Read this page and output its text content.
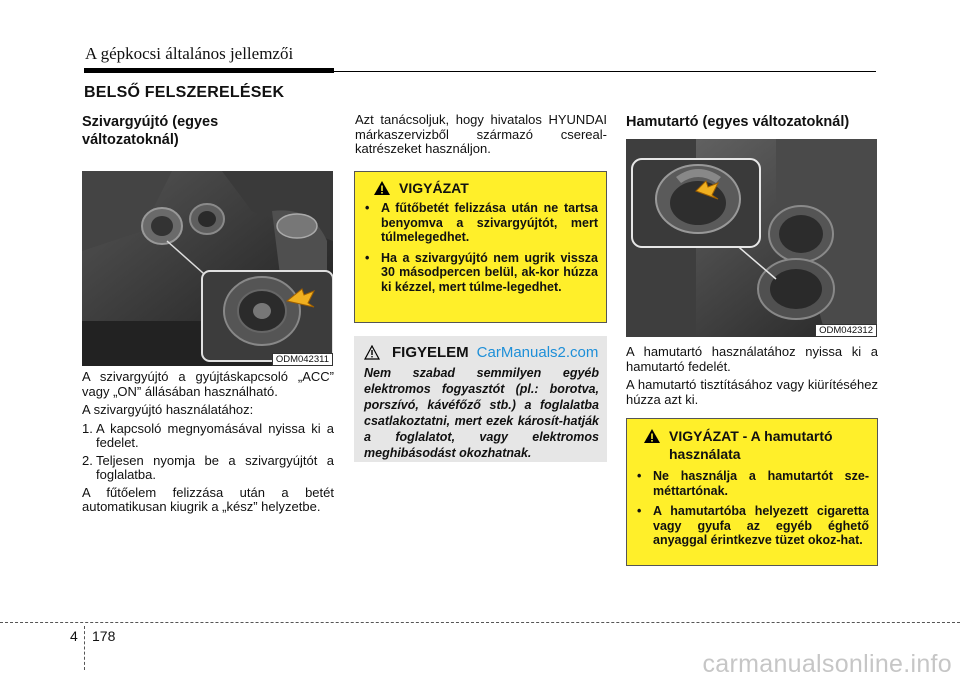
A gépkocsi általános jellemzői
BELSŐ FELSZERELÉSEK
Szivargyújtó (egyes változatoknál)
ODM042311

A szivargyújtó a gyújtáskapcsoló „ACC” vagy „ON” állásában használható.

A szivargyújtó használatához:

1. A kapcsoló megnyomásával nyissa ki a fedelet.
2. Teljesen nyomja be a szivargyújtót a foglalatba.

A fűtőelem felizzása után a betét automatikusan kiugrik a „kész” helyzetbe.

Azt tanácsoljuk, hogy hivatalos HYUNDAI márkaszervizből származó csereal-katrészeket használjon.

VIGYÁZAT
• A fűtőbetét felizzása után ne tartsa benyomva a szivargyújtót, mert túlmelegedhet.
• Ha a szivargyújtó nem ugrik vissza 30 másodpercen belül, ak-kor húzza ki kézzel, mert túlme-legedhet.
FIGYELEM CarManuals2.com

Nem szabad semmilyen egyéb elektromos fogyasztót (pl.: borotva, porszívó, kávéfőző stb.) a foglalatba csatlakoztatni, mert ezek károsít-hatják a foglalatot, vagy elektromos meghibásodást okozhatnak.

Hamutartó (egyes változatoknál)
ODM042312

A hamutartó használatához nyissa ki a hamutartó fedelét.

A hamutartó tisztításához vagy kiürítéséhez húzza azt ki.

VIGYÁZAT - A hamutartó használata
• Ne használja a hamutartót sze-méttartónak.
• A hamutartóba helyezett cigaretta vagy gyufa az egyéb éghető anyaggal érintkezve tüzet okoz-hat.
4 178
carmanualsonline.info
